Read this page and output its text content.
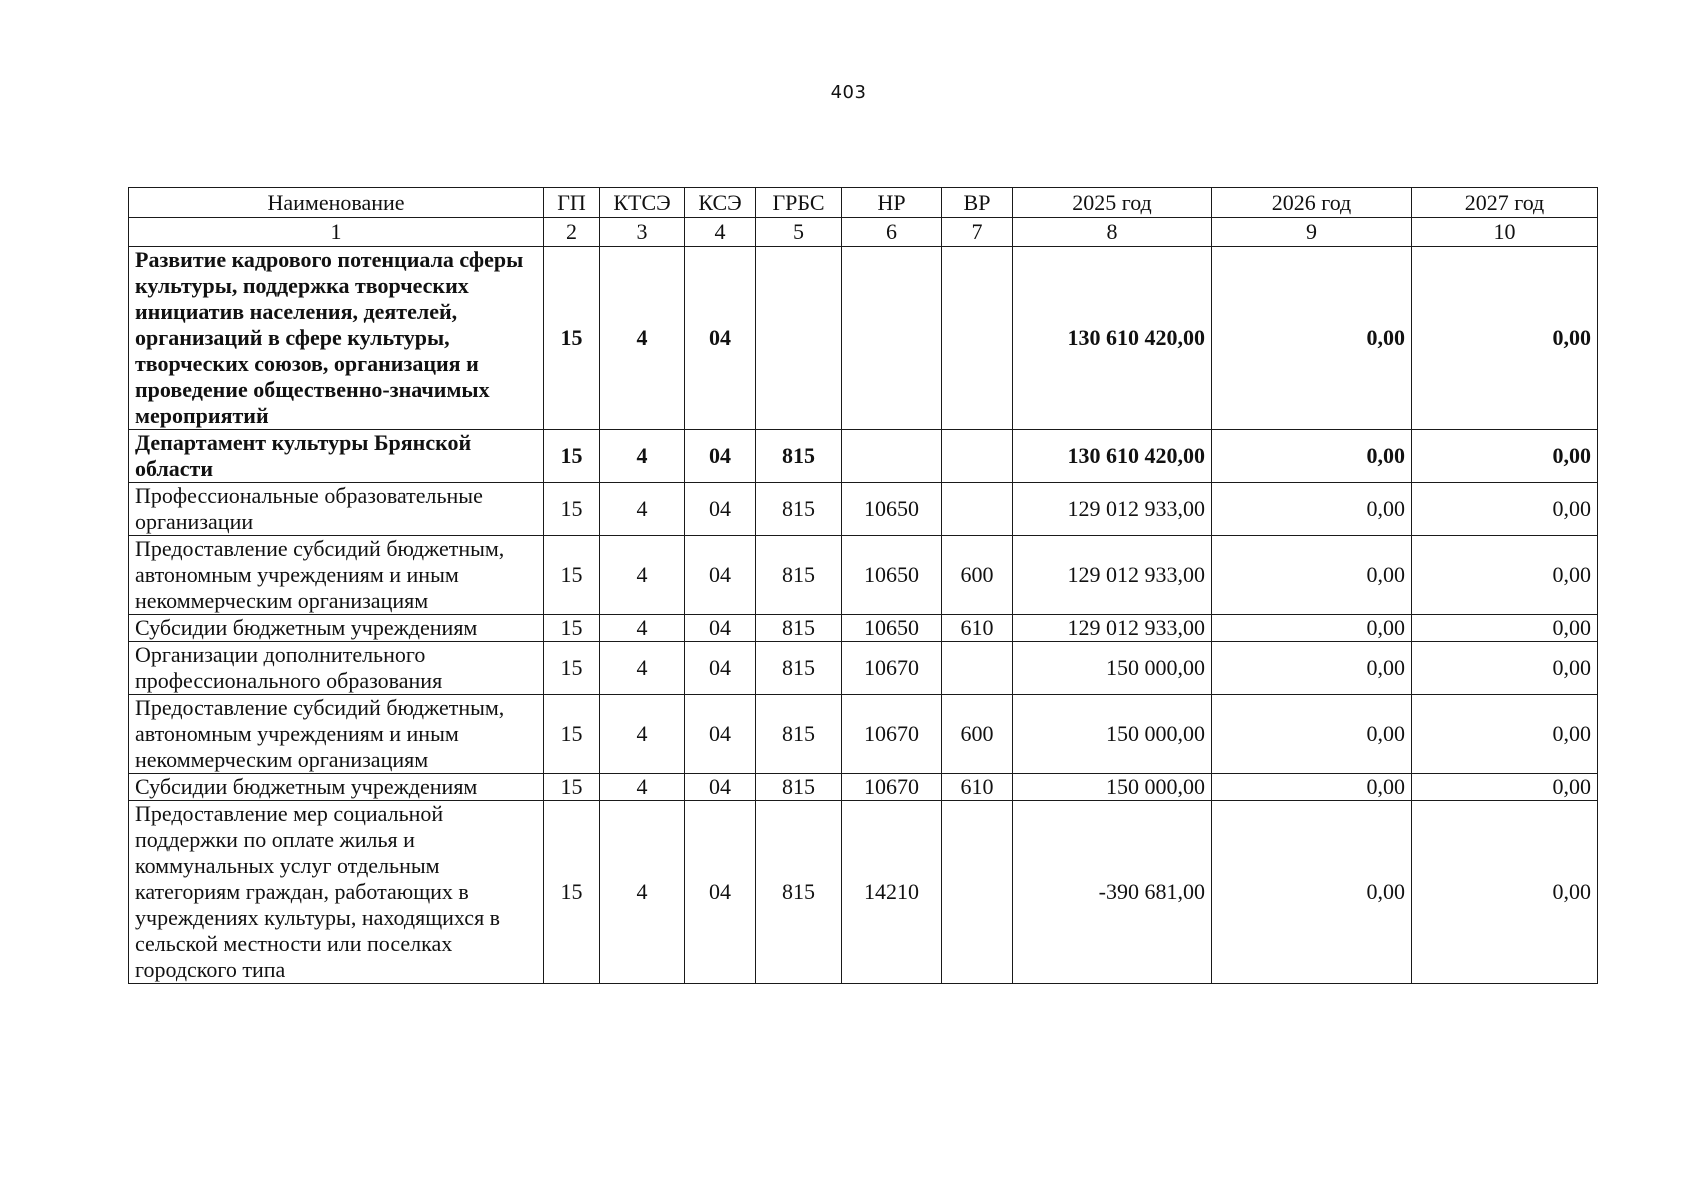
403
Наименование	ГП	КТСЭ	КСЭ	ГРБС	НР	ВР	2025 год	2026 год	2027 год
1	2	3	4	5	6	7	8	9	10
Развитие кадрового потенциала сферы культуры, поддержка творческих инициатив населения, деятелей, организаций в сфере культуры, творческих союзов, организация и проведение общественно-значимых мероприятий	15	4	04				130 610 420,00	0,00	0,00
Департамент культуры Брянской области	15	4	04	815			130 610 420,00	0,00	0,00
Профессиональные образовательные организации	15	4	04	815	10650		129 012 933,00	0,00	0,00
Предоставление субсидий бюджетным, автономным учреждениям и иным некоммерческим организациям	15	4	04	815	10650	600	129 012 933,00	0,00	0,00
Субсидии бюджетным учреждениям	15	4	04	815	10650	610	129 012 933,00	0,00	0,00
Организации дополнительного профессионального образования	15	4	04	815	10670		150 000,00	0,00	0,00
Предоставление субсидий бюджетным, автономным учреждениям и иным некоммерческим организациям	15	4	04	815	10670	600	150 000,00	0,00	0,00
Субсидии бюджетным учреждениям	15	4	04	815	10670	610	150 000,00	0,00	0,00
Предоставление мер социальной поддержки по оплате жилья и коммунальных услуг отдельным категориям граждан, работающих в учреждениях культуры, находящихся в сельской местности или поселках городского типа	15	4	04	815	14210		-390 681,00	0,00	0,00
